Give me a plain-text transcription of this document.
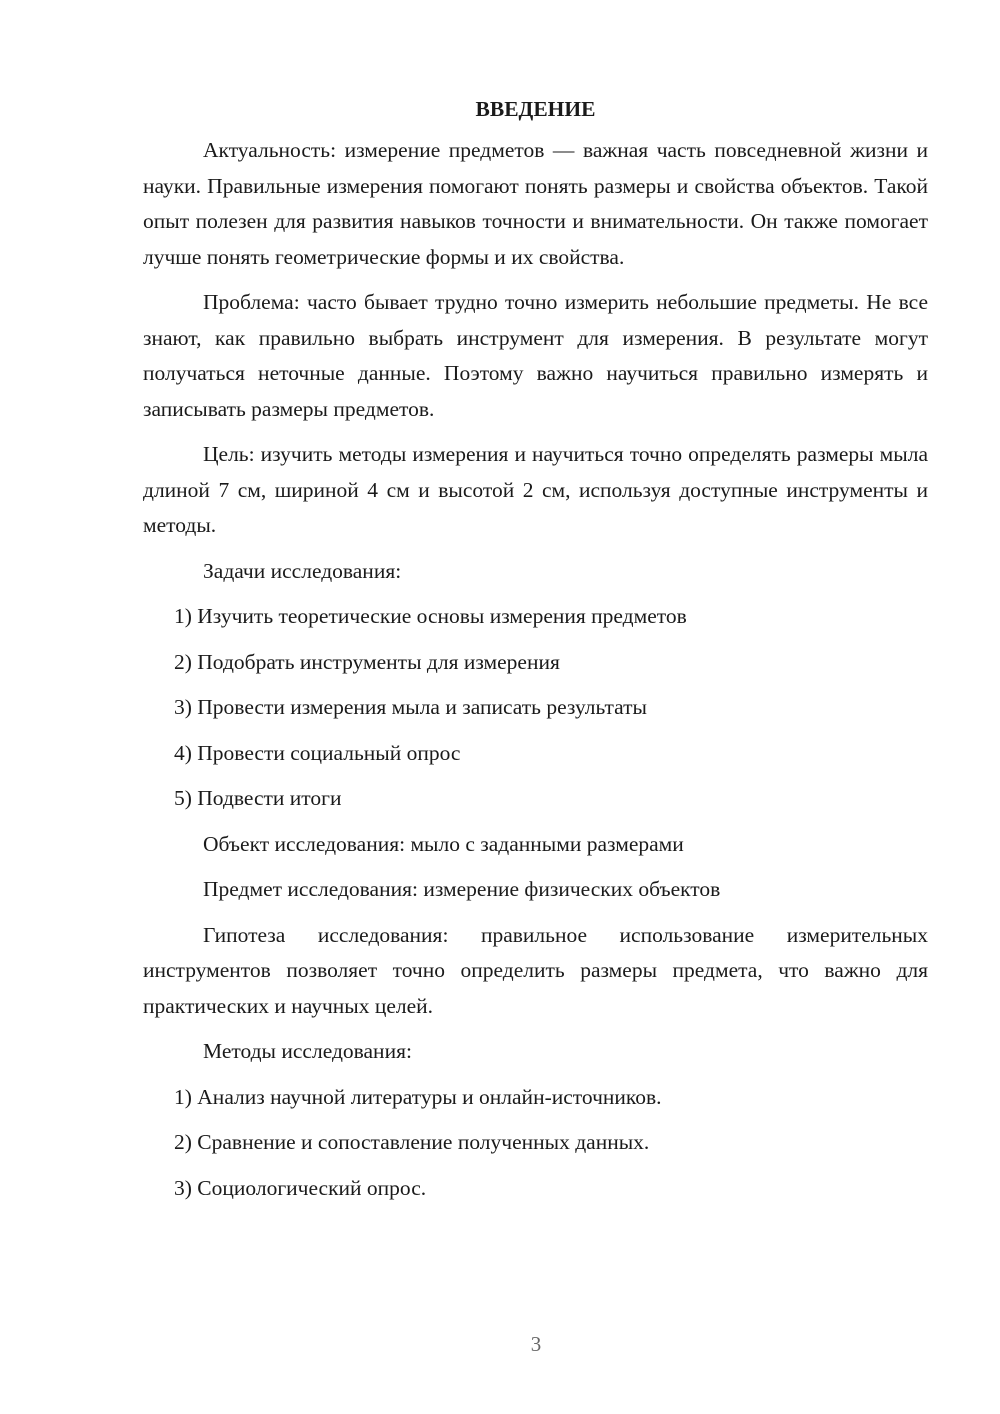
ВВЕДЕНИЕ

Актуальность: измерение предметов — важная часть повседневной жизни и науки. Правильные измерения помогают понять размеры и свойства объектов. Такой опыт полезен для развития навыков точности и внимательности. Он также помогает лучше понять геометрические формы и их свойства.

Проблема: часто бывает трудно точно измерить небольшие предметы. Не все знают, как правильно выбрать инструмент для измерения. В результате могут получаться неточные данные. Поэтому важно научиться правильно измерять и записывать размеры предметов.

Цель: изучить методы измерения и научиться точно определять размеры мыла длиной 7 см, шириной 4 см и высотой 2 см, используя доступные инструменты и методы.

Задачи исследования:
1) Изучить теоретические основы измерения предметов
2) Подобрать инструменты для измерения
3) Провести измерения мыла и записать результаты
4) Провести социальный опрос
5) Подвести итоги
Объект исследования: мыло с заданными размерами
Предмет исследования: измерение физических объектов

Гипотеза исследования: правильное использование измерительных инструментов позволяет точно определить размеры предмета, что важно для практических и научных целей.

Методы исследования:
1) Анализ научной литературы и онлайн-источников.
2) Сравнение и сопоставление полученных данных.
3) Социологический опрос.
3
